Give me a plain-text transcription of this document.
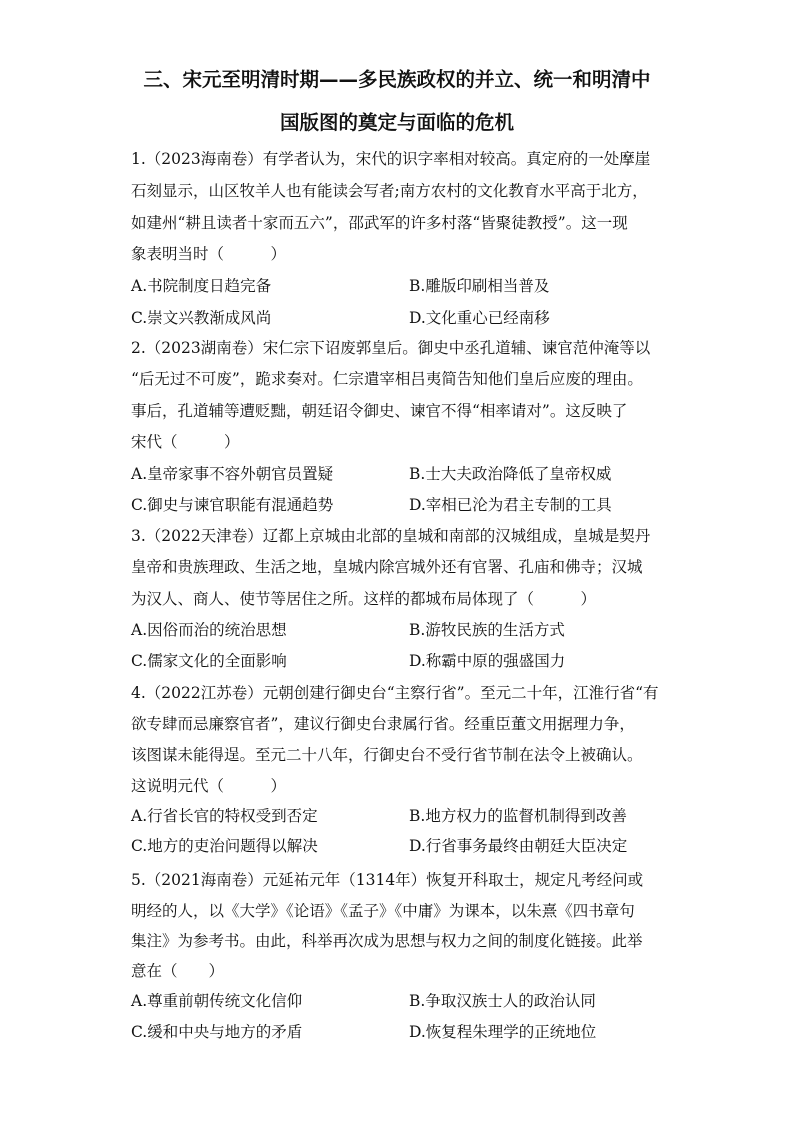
三、宋元至明清时期——多民族政权的并立、统一和明清中
国版图的奠定与面临的危机
1.（2023海南卷）有学者认为，宋代的识字率相对较高。真定府的一处摩崖
石刻显示，山区牧羊人也有能读会写者;南方农村的文化教育水平高于北方，
如建州“耕且读者十家而五六”，邵武军的许多村落“皆聚徒教授”。这一现
象表明当时（　　　）
A.书院制度日趋完备	B.雕版印刷相当普及
C.崇文兴教渐成风尚	D.文化重心已经南移
2.（2023湖南卷）宋仁宗下诏废郭皇后。御史中丞孔道辅、谏官范仲淹等以
“后无过不可废”，跪求奏对。仁宗遣宰相吕夷简告知他们皇后应废的理由。
事后，孔道辅等遭贬黜，朝廷诏令御史、谏官不得“相率请对”。这反映了
宋代（　　　）
A.皇帝家事不容外朝官员置疑	B.士大夫政治降低了皇帝权威
C.御史与谏官职能有混通趋势	D.宰相已沦为君主专制的工具
3.（2022天津卷）辽都上京城由北部的皇城和南部的汉城组成，皇城是契丹
皇帝和贵族理政、生活之地，皇城内除宫城外还有官署、孔庙和佛寺；汉城
为汉人、商人、使节等居住之所。这样的都城布局体现了（　　　）
A.因俗而治的统治思想	B.游牧民族的生活方式
C.儒家文化的全面影响	D.称霸中原的强盛国力
4.（2022江苏卷）元朝创建行御史台“主察行省”。至元二十年，江淮行省“有
欲专肆而忌廉察官者”，建议行御史台隶属行省。经重臣董文用据理力争，
该图谋未能得逞。至元二十八年，行御史台不受行省节制在法令上被确认。
这说明元代（　　　）
A.行省长官的特权受到否定	B.地方权力的监督机制得到改善
C.地方的吏治问题得以解决	D.行省事务最终由朝廷大臣决定
5.（2021海南卷）元延祐元年（1314年）恢复开科取士，规定凡考经问或
明经的人，以《大学》《论语》《孟子》《中庸》为课本，以朱熹《四书章句
集注》为参考书。由此，科举再次成为思想与权力之间的制度化链接。此举
意在（　　）
A.尊重前朝传统文化信仰	B.争取汉族士人的政治认同
C.缓和中央与地方的矛盾	D.恢复程朱理学的正统地位
